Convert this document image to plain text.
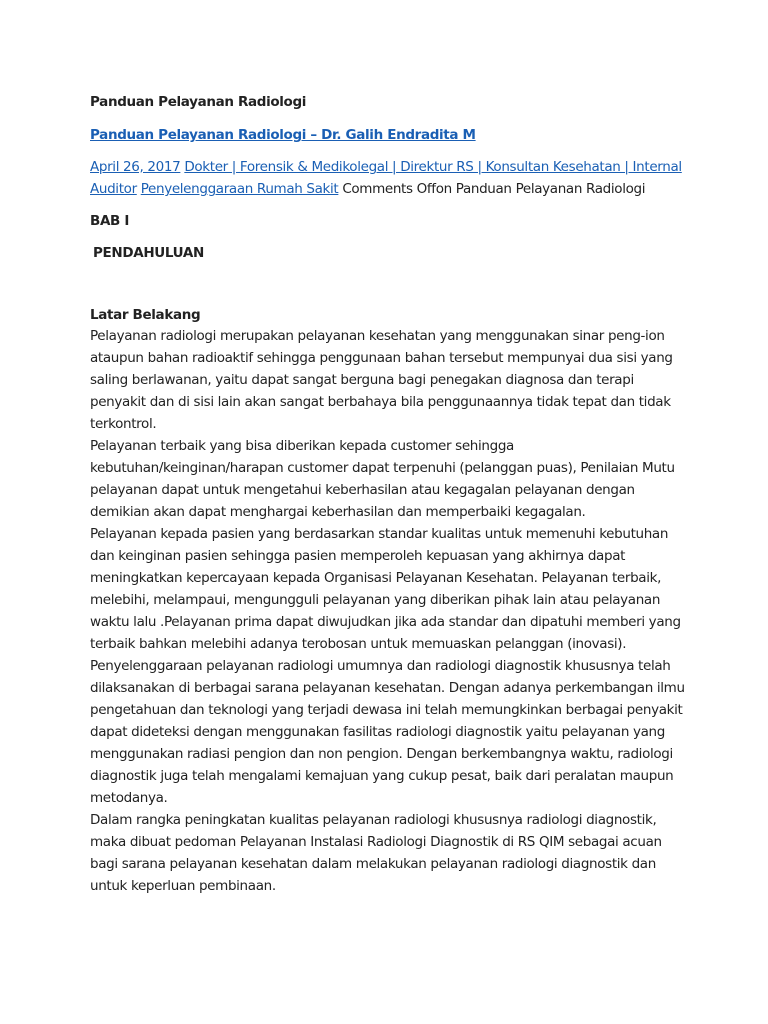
Panduan Pelayanan Radiologi

Panduan Pelayanan Radiologi – Dr. Galih Endradita M

April 26, 2017 Dokter | Forensik & Medikolegal | Direktur RS | Konsultan Kesehatan | Internal Auditor Penyelenggaraan Rumah Sakit Comments Offon Panduan Pelayanan Radiologi

BAB I

PENDAHULUAN

Latar Belakang

Pelayanan radiologi merupakan pelayanan kesehatan yang menggunakan sinar peng-ion ataupun bahan radioaktif sehingga penggunaan bahan tersebut mempunyai dua sisi yang saling berlawanan, yaitu dapat sangat berguna bagi penegakan diagnosa dan terapi penyakit dan di sisi lain akan sangat berbahaya bila penggunaannya tidak tepat dan tidak terkontrol.

Pelayanan terbaik yang bisa diberikan kepada customer sehingga kebutuhan/keinginan/harapan customer dapat terpenuhi (pelanggan puas), Penilaian Mutu pelayanan dapat untuk mengetahui keberhasilan atau kegagalan pelayanan dengan demikian akan dapat menghargai keberhasilan dan memperbaiki kegagalan.

Pelayanan kepada pasien yang berdasarkan standar kualitas untuk memenuhi kebutuhan dan keinginan pasien sehingga pasien memperoleh kepuasan yang akhirnya dapat meningkatkan kepercayaan kepada Organisasi Pelayanan Kesehatan. Pelayanan terbaik, melebihi, melampaui, mengungguli pelayanan yang diberikan pihak lain atau pelayanan waktu lalu .Pelayanan prima dapat diwujudkan jika ada standar dan dipatuhi memberi yang terbaik bahkan melebihi adanya terobosan untuk memuaskan pelanggan (inovasi).

Penyelenggaraan pelayanan radiologi umumnya dan radiologi diagnostik khususnya telah dilaksanakan di berbagai sarana pelayanan kesehatan. Dengan adanya perkembangan ilmu pengetahuan dan teknologi yang terjadi dewasa ini telah memungkinkan berbagai penyakit dapat dideteksi dengan menggunakan fasilitas radiologi diagnostik yaitu pelayanan yang menggunakan radiasi pengion dan non pengion. Dengan berkembangnya waktu, radiologi diagnostik juga telah mengalami kemajuan yang cukup pesat, baik dari peralatan maupun metodanya.

Dalam rangka peningkatan kualitas pelayanan radiologi khususnya radiologi diagnostik, maka dibuat pedoman Pelayanan Instalasi Radiologi Diagnostik di RS QIM sebagai acuan bagi sarana pelayanan kesehatan dalam melakukan pelayanan radiologi diagnostik dan untuk keperluan pembinaan.
